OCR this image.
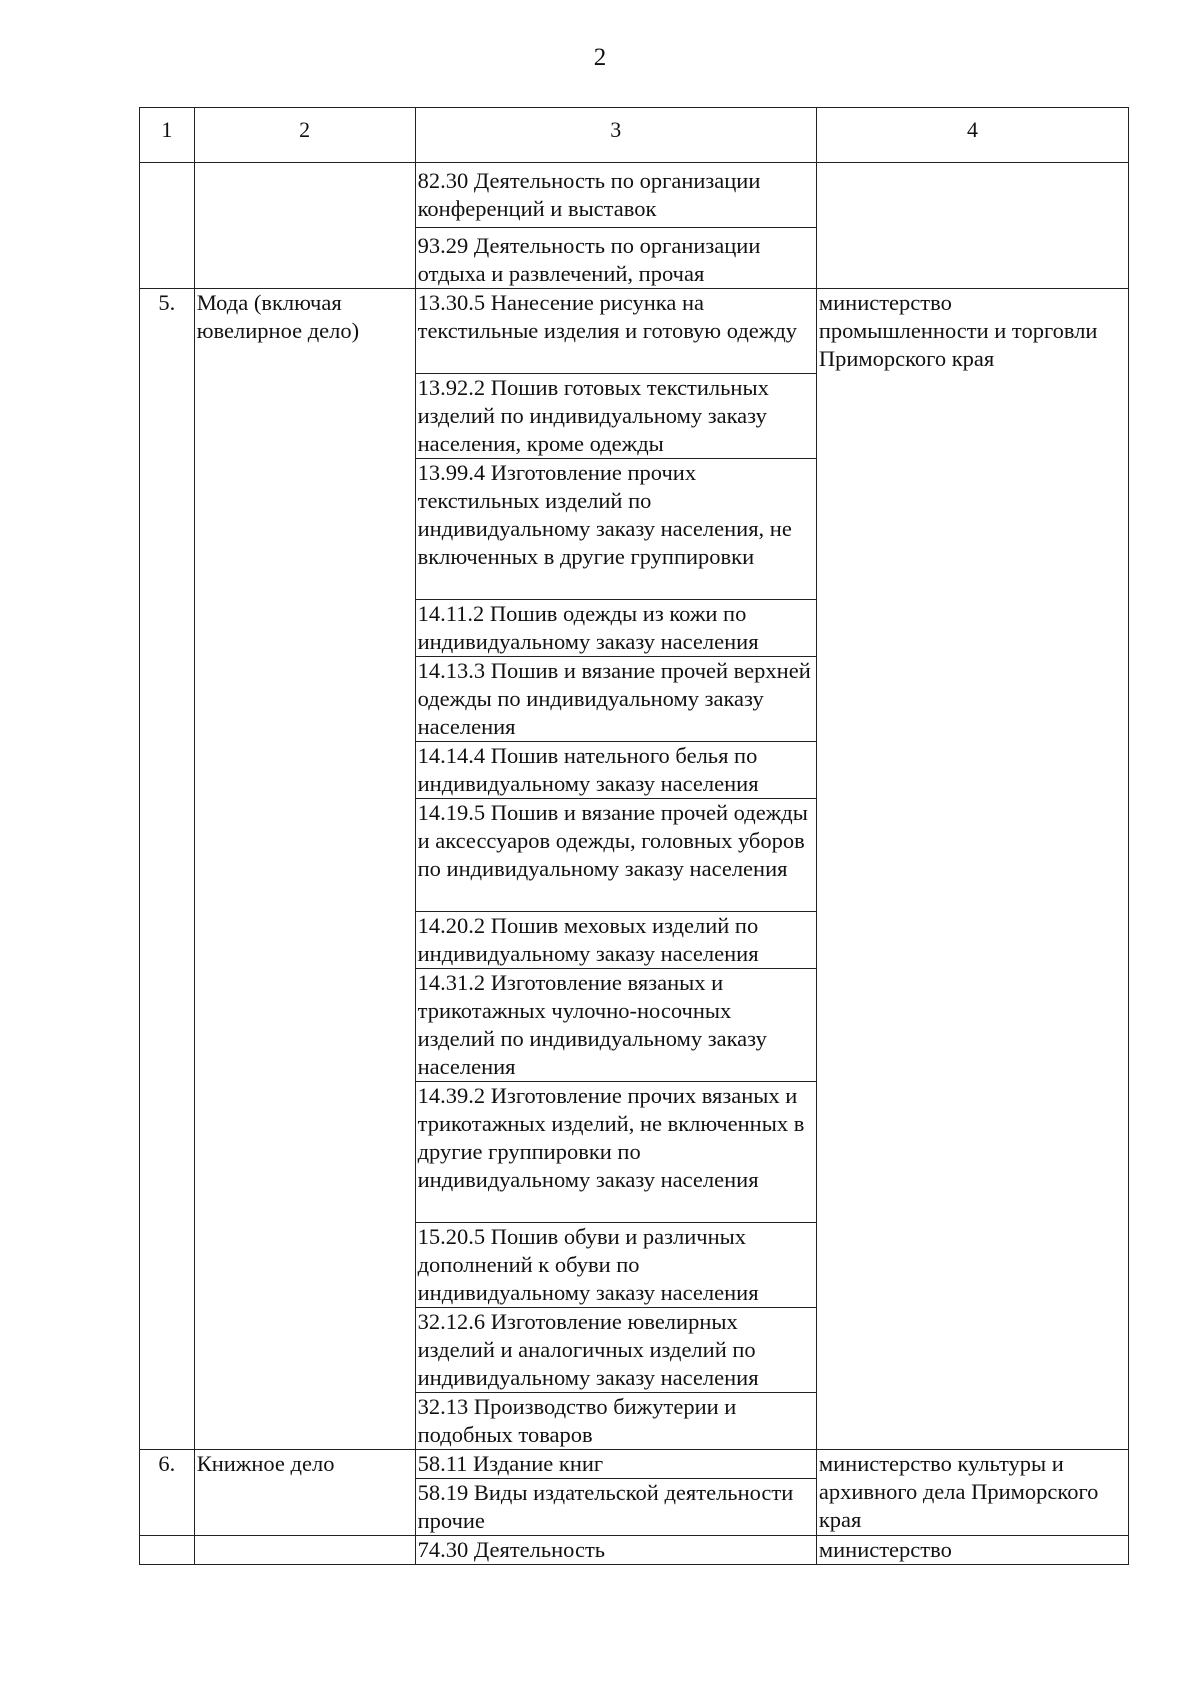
2
1	2	3	4
		82.30 Деятельность по организации конференций и выставок	
		93.29 Деятельность по организации отдыха и развлечений, прочая	
5.	Мода (включая ювелирное дело)	13.30.5 Нанесение рисунка на текстильные изделия и готовую одежду	министерство промышленности и торговли Приморского края
		13.92.2 Пошив готовых текстильных изделий по индивидуальному заказу населения, кроме одежды	
		13.99.4 Изготовление прочих текстильных изделий по индивидуальному заказу населения, не включенных в другие группировки	
		14.11.2 Пошив одежды из кожи по индивидуальному заказу населения	
		14.13.3 Пошив и вязание прочей верхней одежды по индивидуальному заказу населения	
		14.14.4 Пошив нательного белья по индивидуальному заказу населения	
		14.19.5 Пошив и вязание прочей одежды и аксессуаров одежды, головных уборов по индивидуальному заказу населения	
		14.20.2 Пошив меховых изделий по индивидуальному заказу населения	
		14.31.2 Изготовление вязаных и трикотажных чулочно-носочных изделий по индивидуальному заказу населения	
		14.39.2 Изготовление прочих вязаных и трикотажных изделий, не включенных в другие группировки по индивидуальному заказу населения	
		15.20.5 Пошив обуви и различных дополнений к обуви по индивидуальному заказу населения	
		32.12.6 Изготовление ювелирных изделий и аналогичных изделий по индивидуальному заказу населения	
		32.13 Производство бижутерии и подобных товаров	
6.	Книжное дело	58.11 Издание книг	министерство культуры и архивного дела Приморского края
		58.19 Виды издательской деятельности прочие	
		74.30 Деятельность	министерство
